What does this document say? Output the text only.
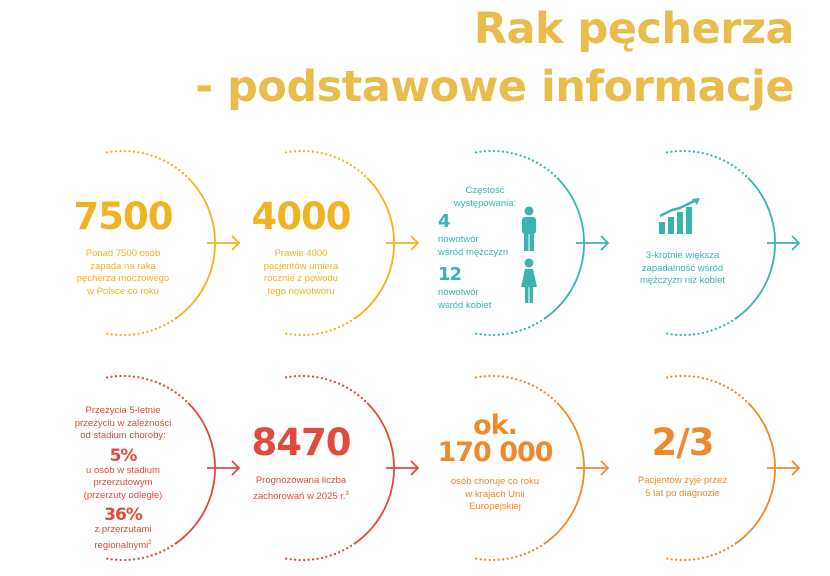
Rak pęcherza
- podstawowe informacje
7500
Ponad 7500 osób
zapada na raka
pęcherza moczowego
w Polsce co roku
4000
Prawie 4000
pacjentów umiera
rocznie z powodu
tego nowotworu
Częstość
występowania:
4
nowotwór
wśród mężczyzn
12
nowotwór
wśród kobiet
3-krotnie większa
zapadalność wśród
mężczyzn niż kobiet
Przeżycia 5-letnie
przeżyciu w zależności
od stadium choroby:
5%
u osób w stadium
przerzutowym
(przerzuty odległe)
36%
z przerzutami
regionalnymi$^2$
8470
Prognozowana liczba
zachorowań w 2025 r.$^3$
ok.
170 000
osób choruje co roku
w krajach Unii
Europejskiej
2/3
Pacjentów żyje przez
5 lat po diagnozie
